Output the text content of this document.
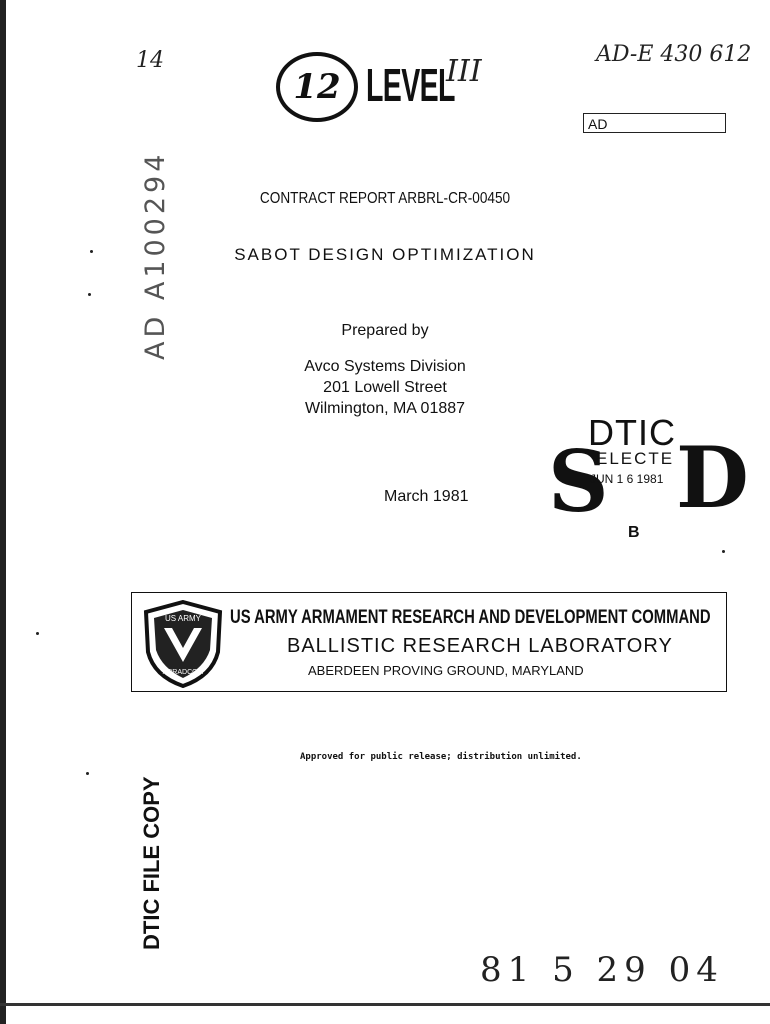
14	AD-E 430 612
12 LEVEL
III
AD
AD A100294	CONTRACT REPORT ARBRL-CR-00450
SABOT DESIGN OPTIMIZATION
Prepared by
Avco Systems Division
201 Lowell Street
Wilmington, MA 01887
March 1981 S
DTIC
ELECTE
JUN 1 6 1981 D
B
US ARMY
ARRADCOM
US ARMY ARMAMENT RESEARCH AND DEVELOPMENT COMMAND
BALLISTIC RESEARCH LABORATORY
ABERDEEN PROVING GROUND, MARYLAND
Approved for public release; distribution unlimited.
DTIC FILE COPY
81 5 29 04
